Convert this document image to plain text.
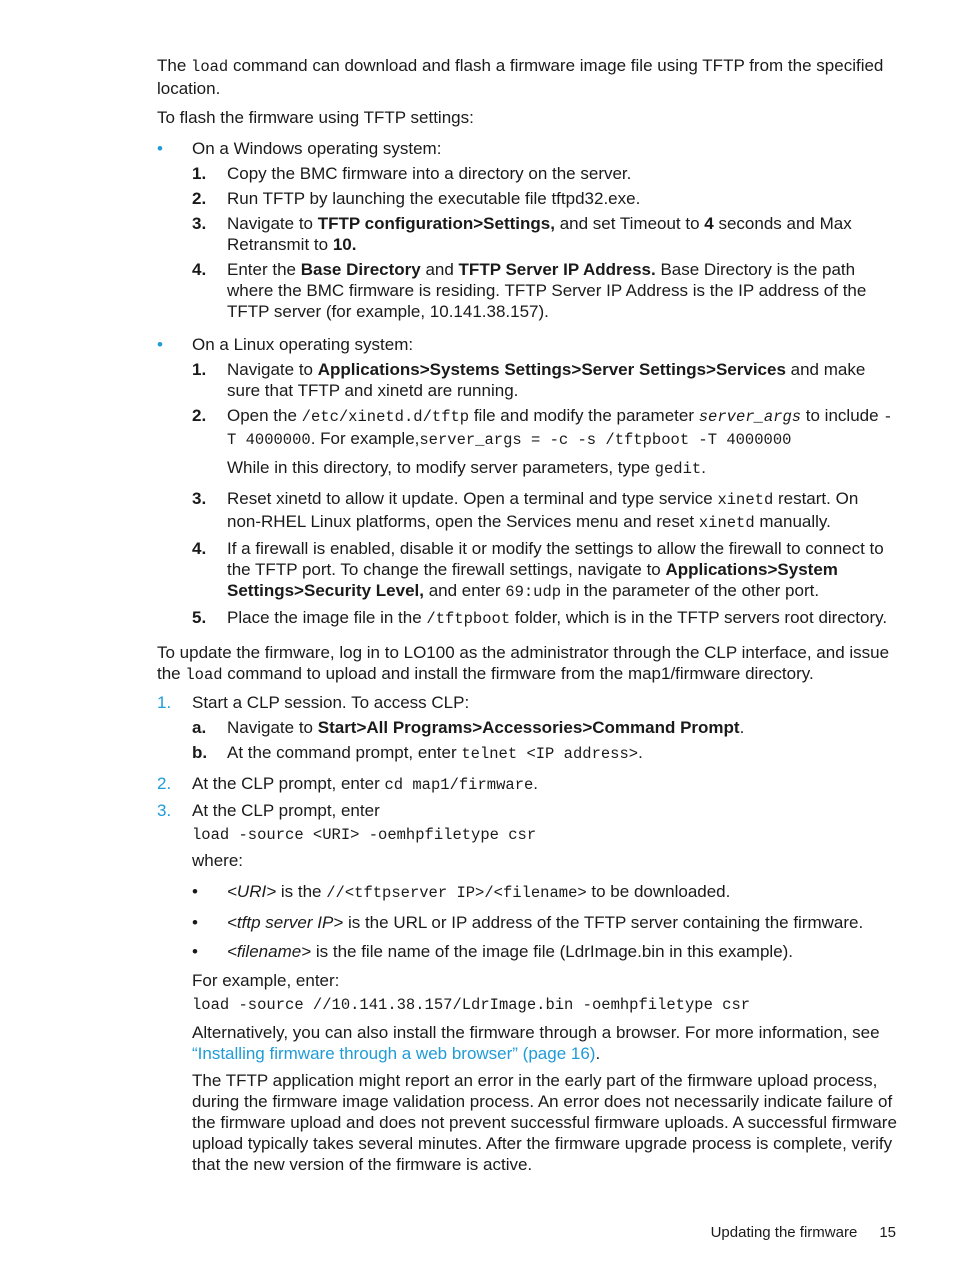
The load command can download and flash a firmware image file using TFTP from the specified location.

To flash the firmware using TFTP settings:

•	On a Windows operating system:
1.	Copy the BMC firmware into a directory on the server.
2.	Run TFTP by launching the executable file tftpd32.exe.
3.	Navigate to TFTP configuration>Settings, and set Timeout to 4 seconds and Max Retransmit to 10.
4.	Enter the Base Directory and TFTP Server IP Address. Base Directory is the path where the BMC firmware is residing. TFTP Server IP Address is the IP address of the TFTP server (for example, 10.141.38.157).
•	On a Linux operating system:
1.	Navigate to Applications>Systems Settings>Server Settings>Services and make sure that TFTP and xinetd are running.
2.	Open the /etc/xinetd.d/tftp file and modify the parameter server_args to include -T 4000000. For example,server_args = -c -s /tftpboot -T 4000000

While in this directory, to modify server parameters, type gedit.

3.	Reset xinetd to allow it update. Open a terminal and type service xinetd restart. On non-RHEL Linux platforms, open the Services menu and reset xinetd manually.
4.	If a firewall is enabled, disable it or modify the settings to allow the firewall to connect to the TFTP port. To change the firewall settings, navigate to Applications>System Settings>Security Level, and enter 69:udp in the parameter of the other port.
5.	Place the image file in the /tftpboot folder, which is in the TFTP servers root directory.

To update the firmware, log in to LO100 as the administrator through the CLP interface, and issue the load command to upload and install the firmware from the map1/firmware directory.

1.	Start a CLP session. To access CLP:
a.	Navigate to Start>All Programs>Accessories>Command Prompt.
b.	At the command prompt, enter telnet <IP address>.
2.	At the CLP prompt, enter cd map1/firmware.
3.	At the CLP prompt, enter

load -source <URI> -oemhpfiletype csr

where:

•	<URI> is the //<tftpserver IP>/<filename> to be downloaded.
•	<tftp server IP> is the URL or IP address of the TFTP server containing the firmware.
•	<filename> is the file name of the image file (LdrImage.bin in this example).

For example, enter:

load -source //10.141.38.157/LdrImage.bin -oemhpfiletype csr

Alternatively, you can also install the firmware through a browser. For more information, see “Installing firmware through a web browser” (page 16).

The TFTP application might report an error in the early part of the firmware upload process, during the firmware image validation process. An error does not necessarily indicate failure of the firmware upload and does not prevent successful firmware uploads. A successful firmware upload typically takes several minutes. After the firmware upgrade process is complete, verify that the new version of the firmware is active.

Updating the firmware 15
